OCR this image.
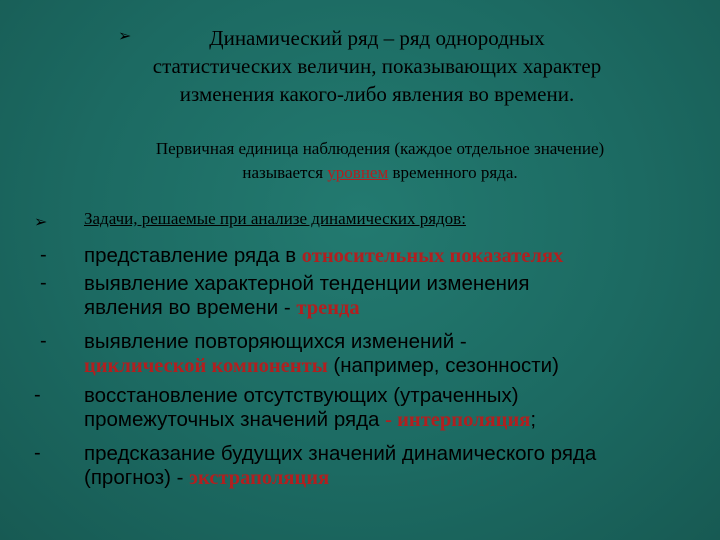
➢	Динамический ряд – ряд однородных
статистических величин, показывающих характер
изменения какого-либо явления во времени.
Первичная единица наблюдения (каждое отдельное значение)
называется уровнем временного ряда.
➢ Задачи, решаемые при анализе динамических рядов:
- представление ряда в относительных показателях
- выявление характерной тенденции изменения
явления во времени - тренда
- выявление повторяющихся изменений -
циклической компоненты (например, сезонности)
- восстановление отсутствующих (утраченных)
промежуточных значений ряда - интерполяция;
- предсказание будущих значений динамического ряда
(прогноз) - экстраполяция
